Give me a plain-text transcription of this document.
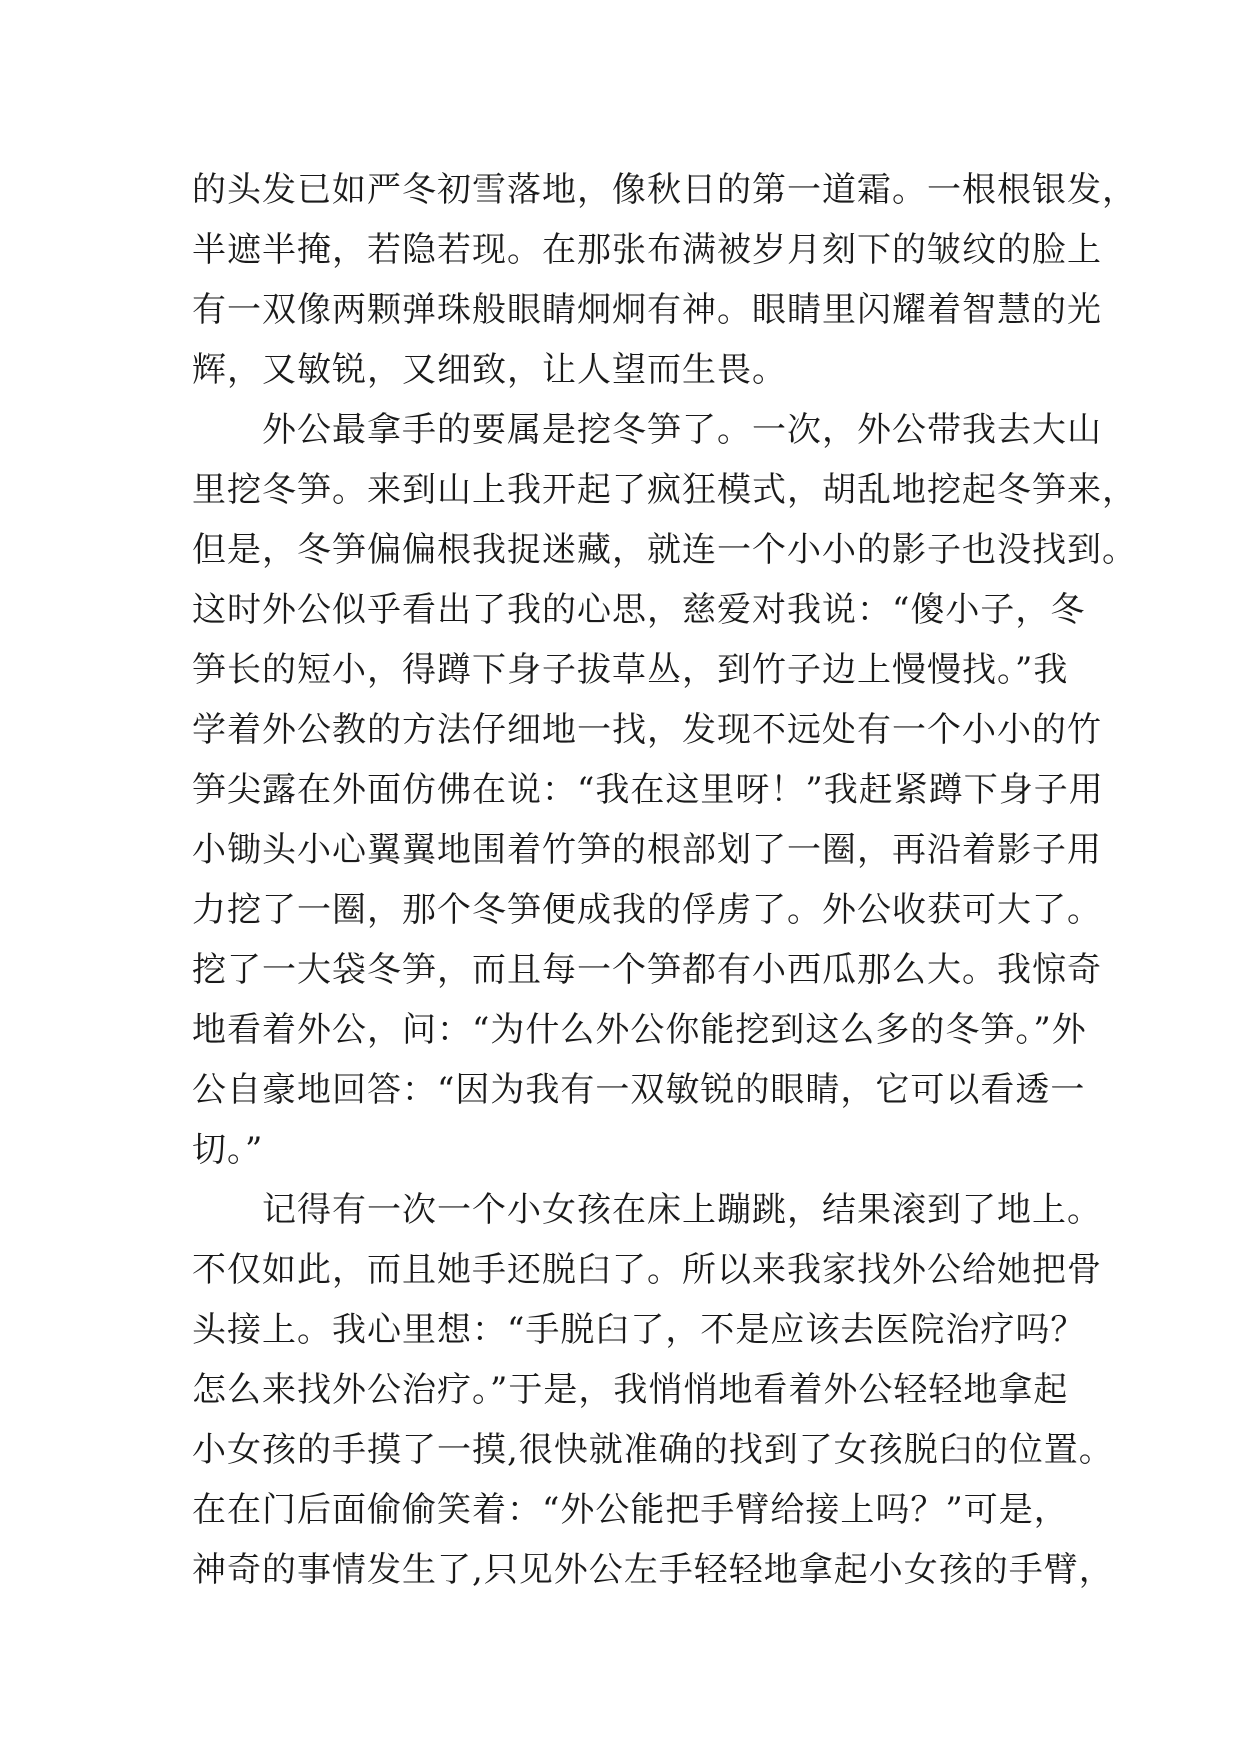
的头发已如严冬初雪落地，像秋日的第一道霜。一根根银发，
半遮半掩，若隐若现。在那张布满被岁月刻下的皱纹的脸上
有一双像两颗弹珠般眼睛炯炯有神。眼睛里闪耀着智慧的光
辉，又敏锐，又细致，让人望而生畏。
　　外公最拿手的要属是挖冬笋了。一次，外公带我去大山
里挖冬笋。来到山上我开起了疯狂模式，胡乱地挖起冬笋来，
但是，冬笋偏偏根我捉迷藏，就连一个小小的影子也没找到。
这时外公似乎看出了我的心思，慈爱对我说：“傻小子，冬
笋长的短小，得蹲下身子拔草丛，到竹子边上慢慢找。”我
学着外公教的方法仔细地一找，发现不远处有一个小小的竹
笋尖露在外面仿佛在说：“我在这里呀！”我赶紧蹲下身子用
小锄头小心翼翼地围着竹笋的根部划了一圈，再沿着影子用
力挖了一圈，那个冬笋便成我的俘虏了。外公收获可大了。
挖了一大袋冬笋，而且每一个笋都有小西瓜那么大。我惊奇
地看着外公，问：“为什么外公你能挖到这么多的冬笋。”外
公自豪地回答：“因为我有一双敏锐的眼睛，它可以看透一
切。”
　　记得有一次一个小女孩在床上蹦跳，结果滚到了地上。
不仅如此，而且她手还脱臼了。所以来我家找外公给她把骨
头接上。我心里想：“手脱臼了，不是应该去医院治疗吗？
怎么来找外公治疗。”于是，我悄悄地看着外公轻轻地拿起
小女孩的手摸了一摸,很快就准确的找到了女孩脱臼的位置。
在在门后面偷偷笑着：“外公能把手臂给接上吗？”可是，
神奇的事情发生了,只见外公左手轻轻地拿起小女孩的手臂，
